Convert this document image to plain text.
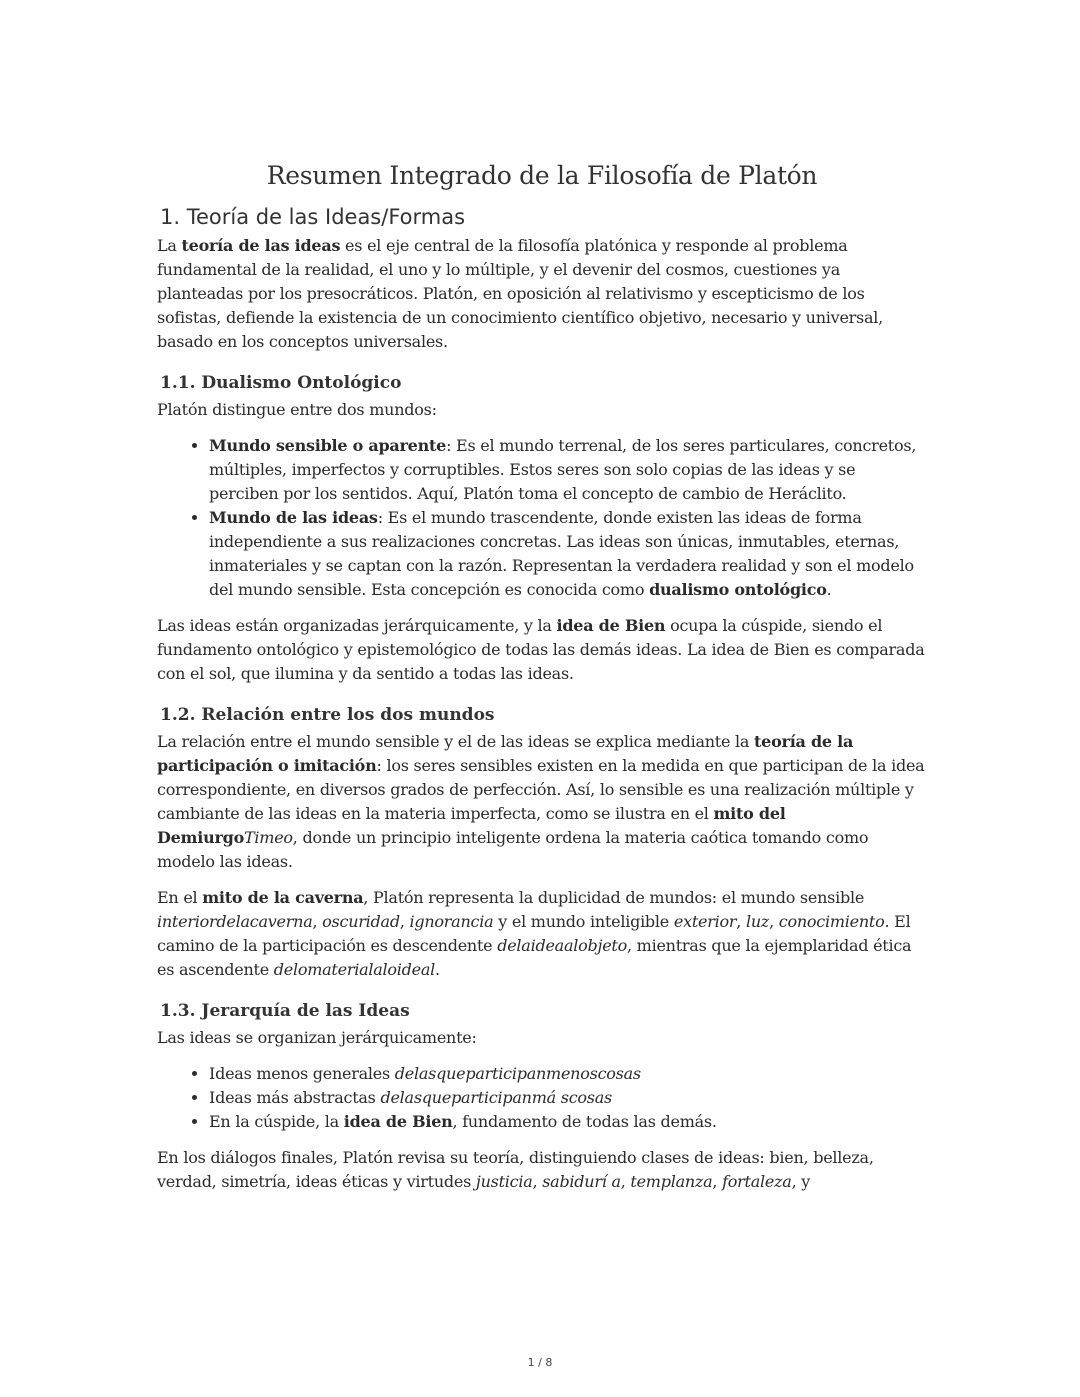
Resumen Integrado de la Filosofía de Platón
1. Teoría de las Ideas/Formas

La teoría de las ideas es el eje central de la filosofía platónica y responde al problema fundamental de la realidad, el uno y lo múltiple, y el devenir del cosmos, cuestiones ya planteadas por los presocráticos. Platón, en oposición al relativismo y escepticismo de los sofistas, defiende la existencia de un conocimiento científico objetivo, necesario y universal, basado en los conceptos universales.

1.1. Dualismo Ontológico

Platón distingue entre dos mundos:

• Mundo sensible o aparente: Es el mundo terrenal, de los seres particulares, concretos, múltiples, imperfectos y corruptibles. Estos seres son solo copias de las ideas y se perciben por los sentidos. Aquí, Platón toma el concepto de cambio de Heráclito.
• Mundo de las ideas: Es el mundo trascendente, donde existen las ideas de forma independiente a sus realizaciones concretas. Las ideas son únicas, inmutables, eternas, inmateriales y se captan con la razón. Representan la verdadera realidad y son el modelo del mundo sensible. Esta concepción es conocida como dualismo ontológico.

Las ideas están organizadas jerárquicamente, y la idea de Bien ocupa la cúspide, siendo el fundamento ontológico y epistemológico de todas las demás ideas. La idea de Bien es comparada con el sol, que ilumina y da sentido a todas las ideas.

1.2. Relación entre los dos mundos

La relación entre el mundo sensible y el de las ideas se explica mediante la teoría de la participación o imitación: los seres sensibles existen en la medida en que participan de la idea correspondiente, en diversos grados de perfección. Así, lo sensible es una realización múltiple y cambiante de las ideas en la materia imperfecta, como se ilustra en el mito del DemiurgoTimeo, donde un principio inteligente ordena la materia caótica tomando como modelo las ideas.

En el mito de la caverna, Platón representa la duplicidad de mundos: el mundo sensible interiordelacaverna, oscuridad, ignorancia y el mundo inteligible exterior, luz, conocimiento. El camino de la participación es descendente delaideaalobjeto, mientras que la ejemplaridad ética es ascendente delomaterialaloideal.

1.3. Jerarquía de las Ideas

Las ideas se organizan jerárquicamente:

• Ideas menos generales delasqueparticipanmenoscosas
• Ideas más abstractas delasqueparticipanmá scosas
• En la cúspide, la idea de Bien, fundamento de todas las demás.

En los diálogos finales, Platón revisa su teoría, distinguiendo clases de ideas: bien, belleza, verdad, simetría, ideas éticas y virtudes justicia, sabidurí a, templanza, fortaleza, y

1 / 8
